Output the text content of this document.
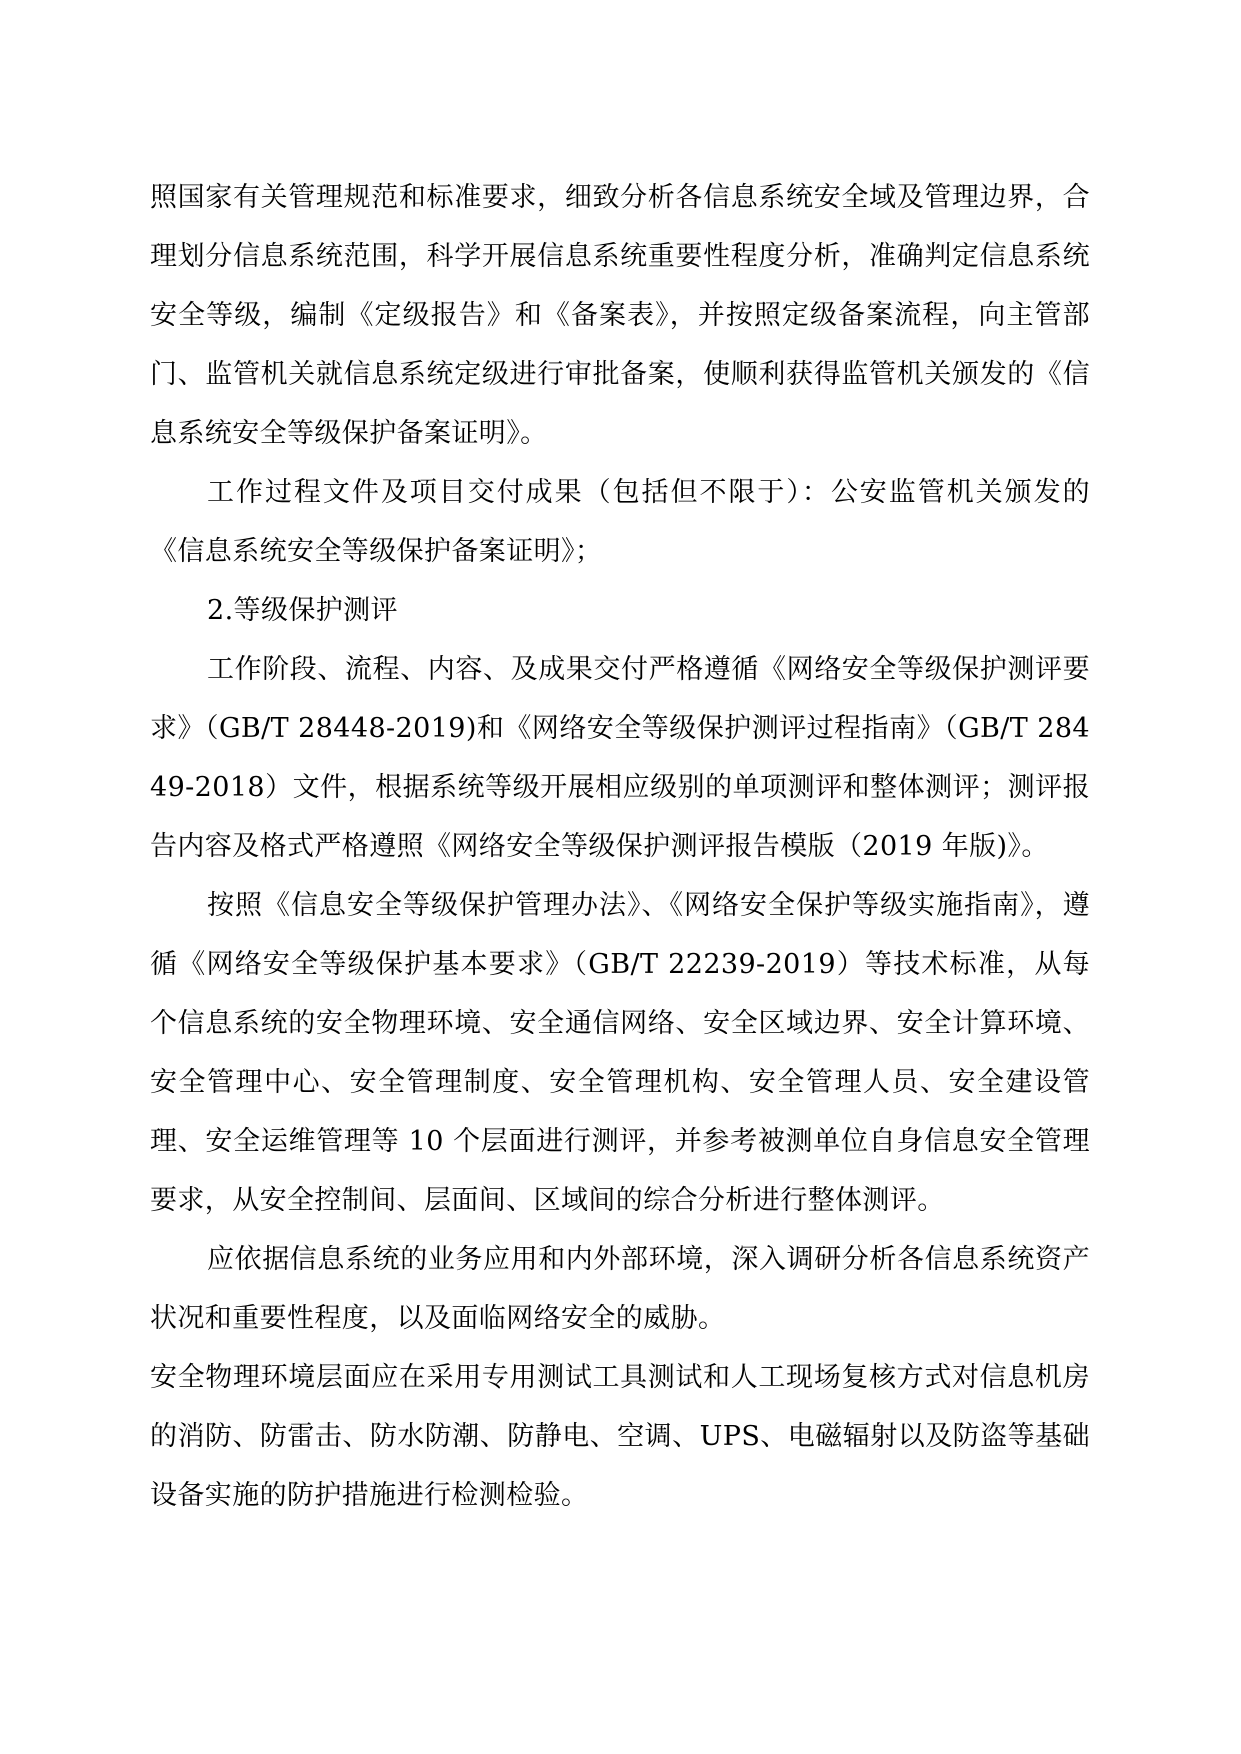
照国家有关管理规范和标准要求，细致分析各信息系统安全域及管理边界，合理划分信息系统范围，科学开展信息系统重要性程度分析，准确判定信息系统安全等级，编制《定级报告》和《备案表》，并按照定级备案流程，向主管部门、监管机关就信息系统定级进行审批备案，使顺利获得监管机关颁发的《信息系统安全等级保护备案证明》。

工作过程文件及项目交付成果（包括但不限于）：公安监管机关颁发的《信息系统安全等级保护备案证明》；

2.等级保护测评

工作阶段、流程、内容、及成果交付严格遵循《网络安全等级保护测评要求》（GB/T 28448-2019)和《网络安全等级保护测评过程指南》（GB/T 28449-2018）文件，根据系统等级开展相应级别的单项测评和整体测评；测评报告内容及格式严格遵照《网络安全等级保护测评报告模版（2019 年版)》。

按照《信息安全等级保护管理办法》、《网络安全保护等级实施指南》，遵循《网络安全等级保护基本要求》（GB/T 22239-2019）等技术标准，从每个信息系统的安全物理环境、安全通信网络、安全区域边界、安全计算环境、安全管理中心、安全管理制度、安全管理机构、安全管理人员、安全建设管理、安全运维管理等 10 个层面进行测评，并参考被测单位自身信息安全管理要求，从安全控制间、层面间、区域间的综合分析进行整体测评。

应依据信息系统的业务应用和内外部环境，深入调研分析各信息系统资产状况和重要性程度，以及面临网络安全的威胁。

安全物理环境层面应在采用专用测试工具测试和人工现场复核方式对信息机房的消防、防雷击、防水防潮、防静电、空调、UPS、电磁辐射以及防盗等基础设备实施的防护措施进行检测检验。
